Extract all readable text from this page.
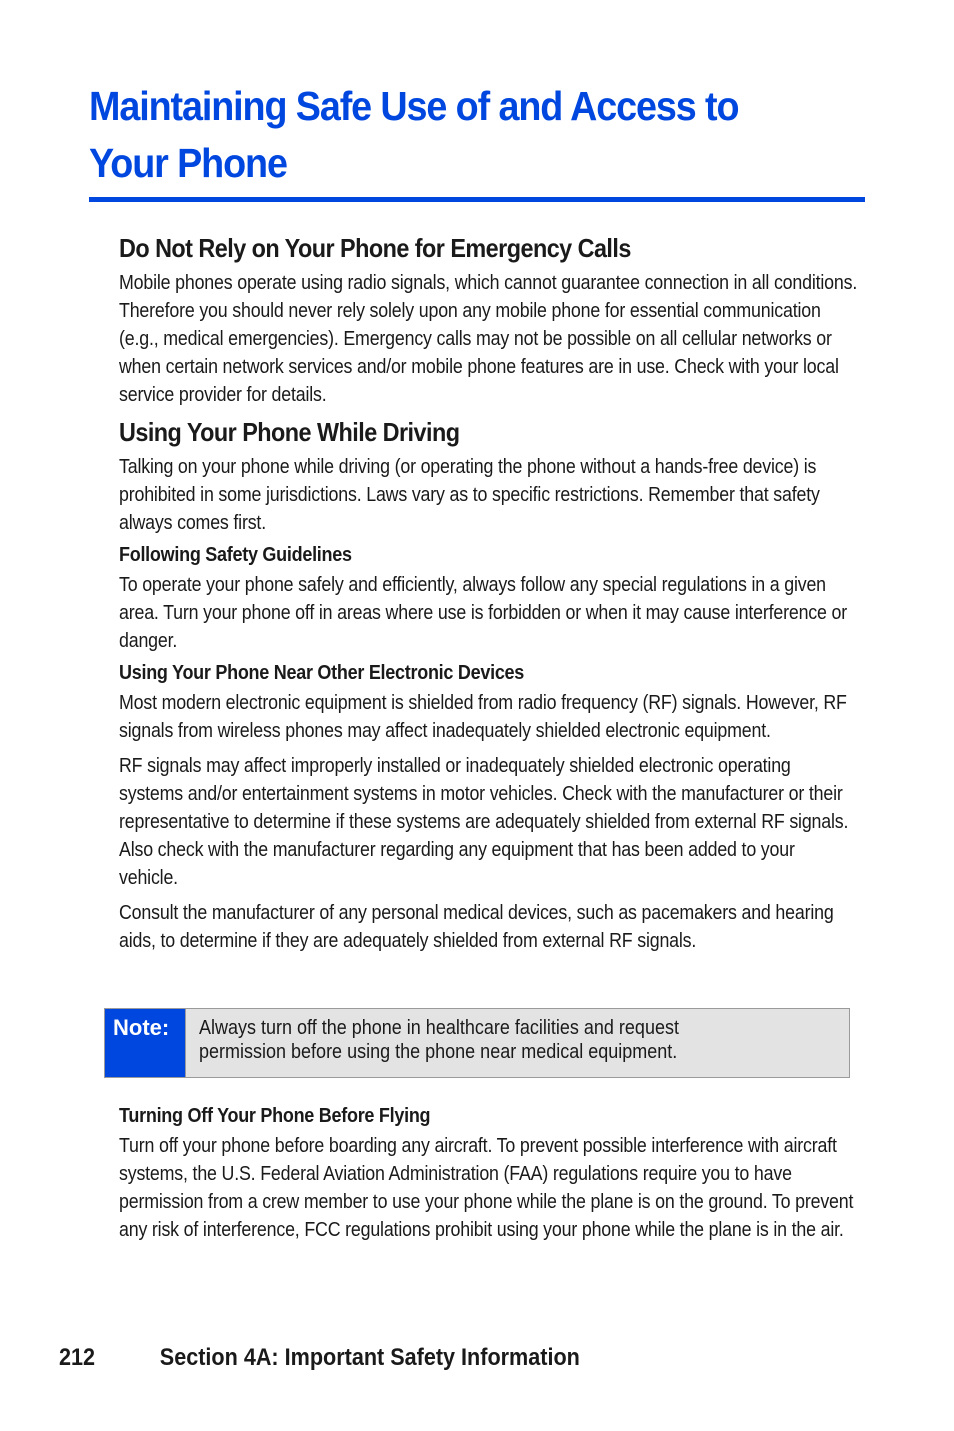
Maintaining Safe Use of and Access to
Your Phone
Do Not Rely on Your Phone for Emergency Calls
Mobile phones operate using radio signals, which cannot guarantee connection in all conditions. Therefore you should never rely solely upon any mobile phone for essential communication (e.g., medical emergencies). Emergency calls may not be possible on all cellular networks or when certain network services and/or mobile phone features are in use. Check with your local service provider for details.
Using Your Phone While Driving
Talking on your phone while driving (or operating the phone without a hands-free device) is prohibited in some jurisdictions. Laws vary as to specific restrictions. Remember that safety always comes first.
Following Safety Guidelines
To operate your phone safely and efficiently, always follow any special regulations in a given area. Turn your phone off in areas where use is forbidden or when it may cause interference or danger.
Using Your Phone Near Other Electronic Devices
Most modern electronic equipment is shielded from radio frequency (RF) signals. However, RF signals from wireless phones may affect inadequately shielded electronic equipment.
RF signals may affect improperly installed or inadequately shielded electronic operating systems and/or entertainment systems in motor vehicles. Check with the manufacturer or their representative to determine if these systems are adequately shielded from external RF signals. Also check with the manufacturer regarding any equipment that has been added to your vehicle.
Consult the manufacturer of any personal medical devices, such as pacemakers and hearing aids, to determine if they are adequately shielded from external RF signals.
Note:	Always turn off the phone in healthcare facilities and request
permission before using the phone near medical equipment.
Turning Off Your Phone Before Flying
Turn off your phone before boarding any aircraft. To prevent possible interference with aircraft systems, the U.S. Federal Aviation Administration (FAA) regulations require you to have permission from a crew member to use your phone while the plane is on the ground. To prevent any risk of interference, FCC regulations prohibit using your phone while the plane is in the air.
212	Section 4A: Important Safety Information
